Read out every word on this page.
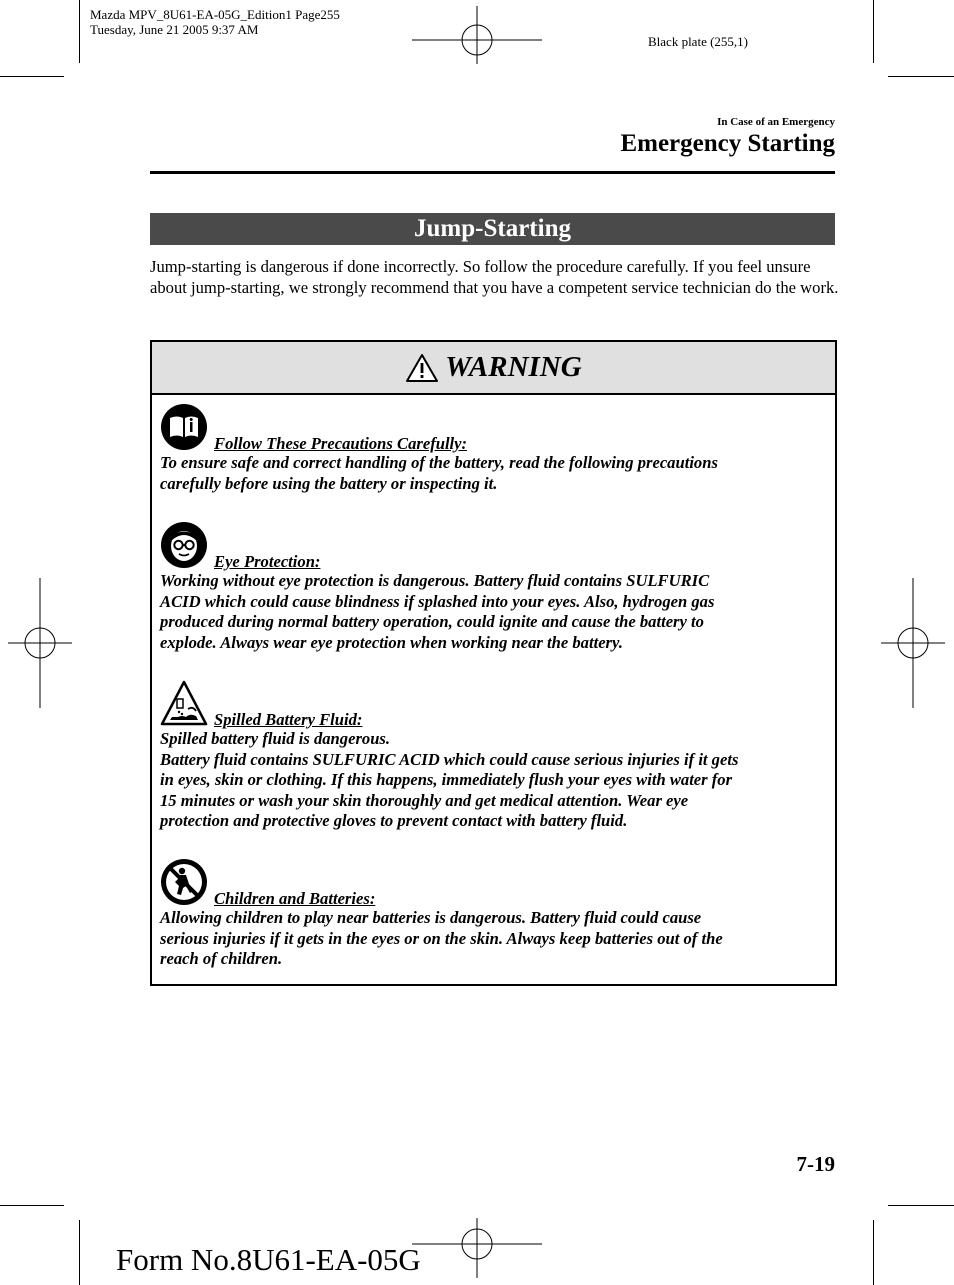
Mazda MPV_8U61-EA-05G_Edition1 Page255
Tuesday, June 21 2005 9:37 AM
Black plate (255,1)
In Case of an Emergency
Emergency Starting
Jump-Starting
Jump-starting is dangerous if done incorrectly. So follow the procedure carefully. If you feel unsure about jump-starting, we strongly recommend that you have a competent service technician do the work.
WARNING
Follow These Precautions Carefully:
To ensure safe and correct handling of the battery, read the following precautions
carefully before using the battery or inspecting it.
Eye Protection:
Working without eye protection is dangerous. Battery fluid contains SULFURIC
ACID which could cause blindness if splashed into your eyes. Also, hydrogen gas
produced during normal battery operation, could ignite and cause the battery to
explode. Always wear eye protection when working near the battery.
Spilled Battery Fluid:
Spilled battery fluid is dangerous.
Battery fluid contains SULFURIC ACID which could cause serious injuries if it gets
in eyes, skin or clothing. If this happens, immediately flush your eyes with water for
15 minutes or wash your skin thoroughly and get medical attention. Wear eye
protection and protective gloves to prevent contact with battery fluid.
Children and Batteries:
Allowing children to play near batteries is dangerous. Battery fluid could cause
serious injuries if it gets in the eyes or on the skin. Always keep batteries out of the
reach of children.
7-19
Form No.8U61-EA-05G
